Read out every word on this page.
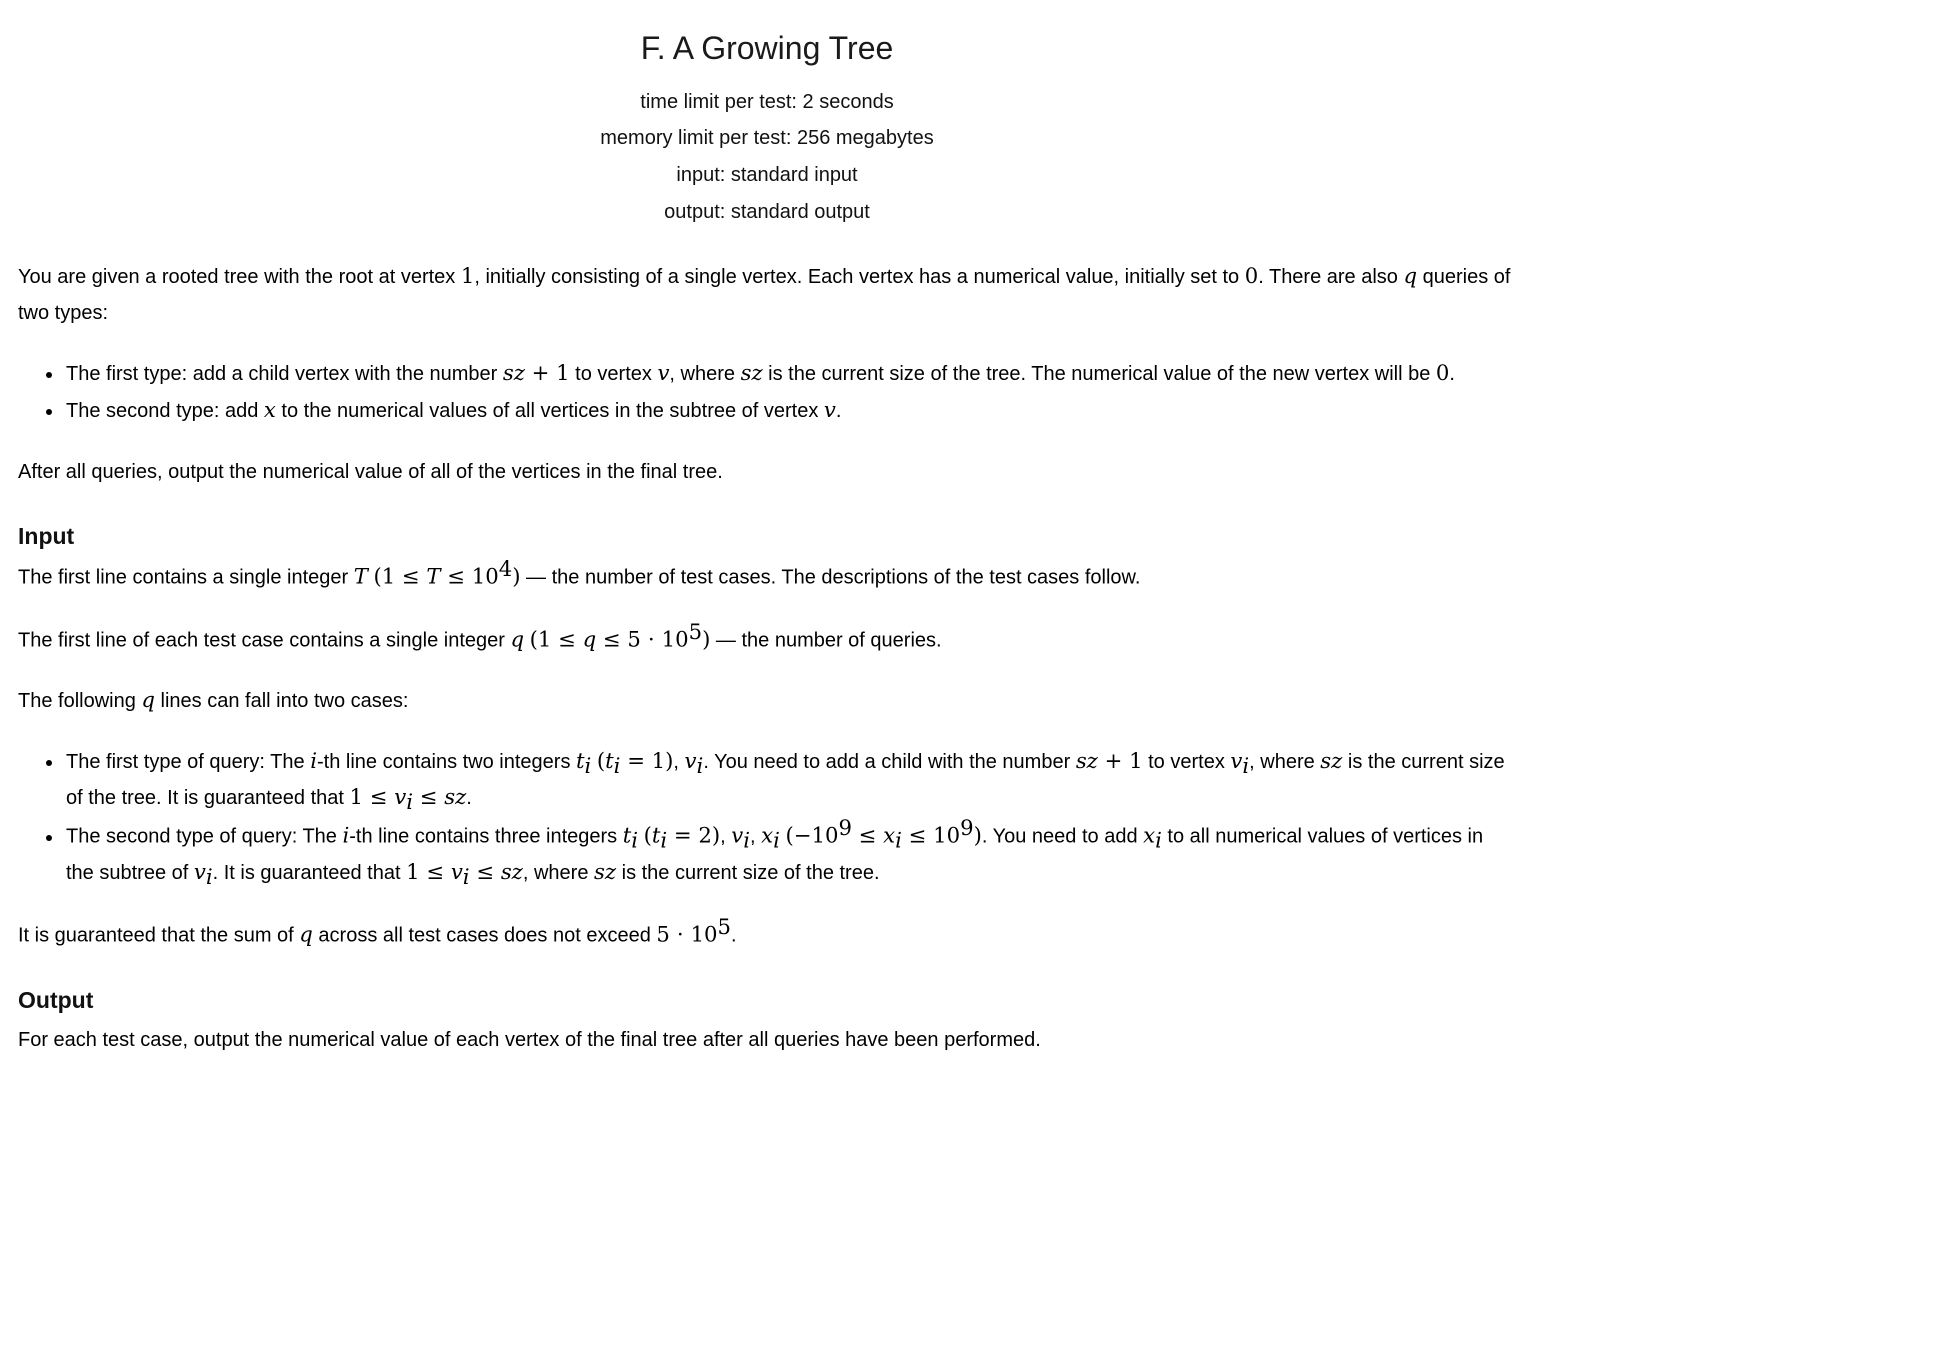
F. A Growing Tree
time limit per test: 2 seconds
memory limit per test: 256 megabytes
input: standard input
output: standard output

You are given a rooted tree with the root at vertex 1, initially consisting of a single vertex. Each vertex has a numerical value, initially set to 0. There are also q queries of two types:

• The first type: add a child vertex with the number sz + 1 to vertex v, where sz is the current size of the tree. The numerical value of the new vertex will be 0.
• The second type: add x to the numerical values of all vertices in the subtree of vertex v.

After all queries, output the numerical value of all of the vertices in the final tree.

Input

The first line contains a single integer T $(1 \le T \le 10^4)$ — the number of test cases. The descriptions of the test cases follow.

The first line of each test case contains a single integer q $(1 \le q \le 5 \cdot 10^5)$ — the number of queries.

The following q lines can fall into two cases:

• The first type of query: The i-th line contains two integers $t_i$ $(t_i = 1)$, $v_i$. You need to add a child with the number sz + 1 to vertex $v_i$, where sz is the current size of the tree. It is guaranteed that $1 \le v_i$ ≤ sz.
• The second type of query: The i-th line contains three integers $t_i$ $(t_i = 2)$, $v_i$, $x_i$ $(-10^9 \le x_i \le 10^9)$. You need to add $x_i$ to all numerical values of vertices in the subtree of $v_i$. It is guaranteed that $1 \le v_i$ ≤ sz, where sz is the current size of the tree.

It is guaranteed that the sum of q across all test cases does not exceed $5 \cdot 10^5$.

Output

For each test case, output the numerical value of each vertex of the final tree after all queries have been performed.
